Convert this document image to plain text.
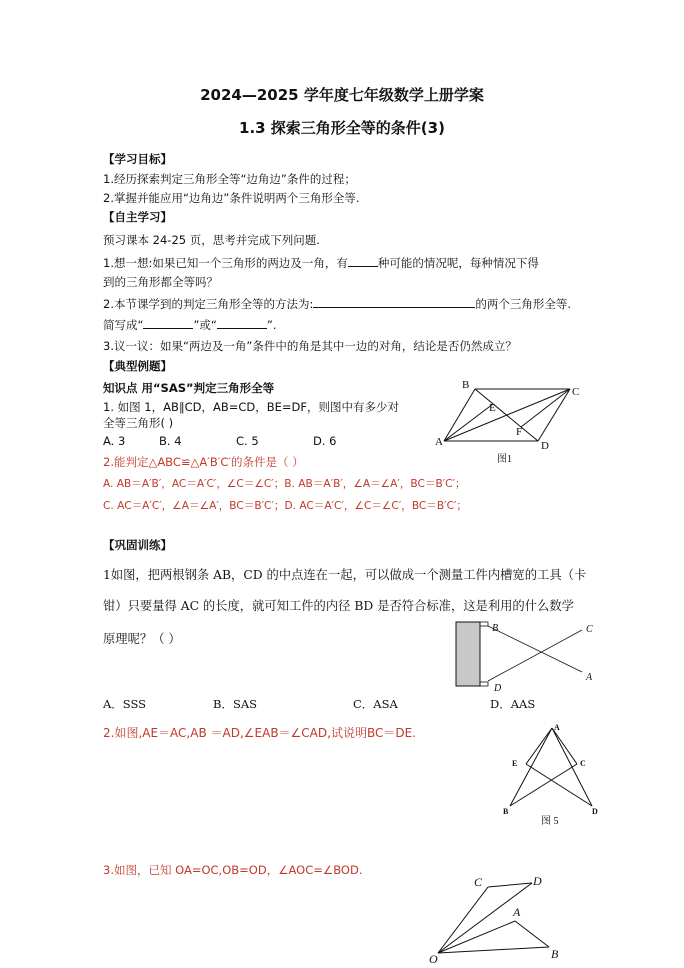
2024—2025 学年度七年级数学上册学案
1.3 探索三角形全等的条件(3)
【学习目标】
1.经历探索判定三角形全等“边角边”条件的过程；
2.掌握并能应用“边角边”条件说明两个三角形全等.
【自主学习】
预习课本 24-25 页，思考并完成下列问题.
1.想一想:如果已知一个三角形的两边及一角，有	种可能的情况呢，每种情况下得
到的三角形都全等吗？
2.本节课学到的判定三角形全等的方法为:	的两个三角形全等.
简写成“	”或“	”.
3.议一议：如果“两边及一角”条件中的角是其中一边的对角，结论是否仍然成立？
【典型例题】
知识点 用“SAS”判定三角形全等
1. 如图 1，AB∥CD，AB=CD，BE=DF，则图中有多少对
全等三角形( )
A. 3	B. 4	C. 5	D. 6
B
C
E
F
A	D
图1
2.能判定△ABC≌△A′B′C′的条件是（ ）
A. AB＝A′B′，AC＝A′C′，∠C＝∠C′；B. AB＝A′B′，∠A＝∠A′，BC＝B′C′；
C. AC＝A′C′，∠A＝∠A′，BC＝B′C′；D. AC＝A′C′，∠C＝∠C′，BC＝B′C′；
【巩固训练】
1如图，把两根钢条 AB，CD 的中点连在一起，可以做成一个测量工件内槽宽的工具（卡
钳）只要量得 AC 的长度，就可知工件的内径 BD 是否符合标准，这是利用的什么数学
原理呢？（ ）
B	C
A
D
A．SSS	B．SAS	C．ASA	D．AAS
2.如图,AE＝AC,AB ＝AD,∠EAB＝∠CAD,试说明BC＝DE.	A
E	C
B	D
图 5
3.如图，已知 OA=OC,OB=OD，∠AOC=∠BOD.
C	D
A
O	B
